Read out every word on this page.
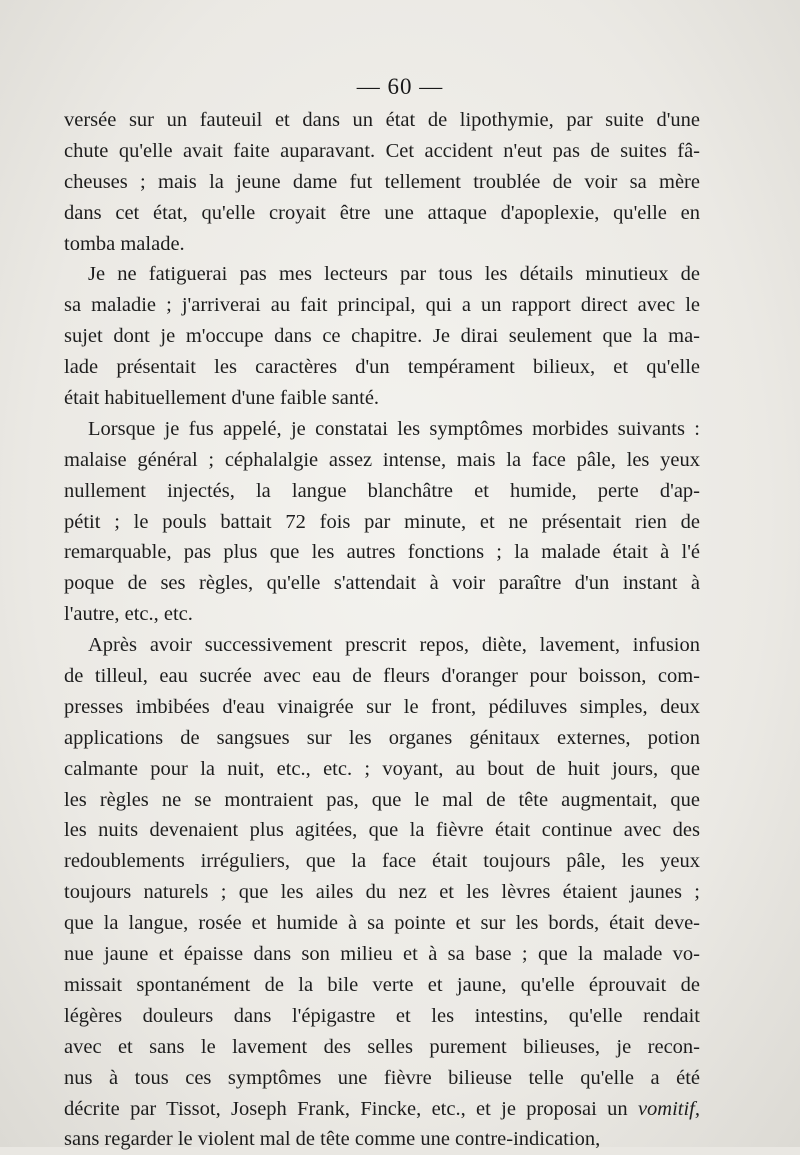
— 60 —
versée sur un fauteuil et dans un état de lipothymie, par suite d'une
chute qu'elle avait faite auparavant. Cet accident n'eut pas de suites fâ-
cheuses ; mais la jeune dame fut tellement troublée de voir sa mère
dans cet état, qu'elle croyait être une attaque d'apoplexie, qu'elle en
tomba malade.
Je ne fatiguerai pas mes lecteurs par tous les détails minutieux de
sa maladie ; j'arriverai au fait principal, qui a un rapport direct avec le
sujet dont je m'occupe dans ce chapitre. Je dirai seulement que la ma-
lade présentait les caractères d'un tempérament bilieux, et qu'elle
était habituellement d'une faible santé.
Lorsque je fus appelé, je constatai les symptômes morbides suivants :
malaise général ; céphalalgie assez intense, mais la face pâle, les yeux
nullement injectés, la langue blanchâtre et humide, perte d'ap-
pétit ; le pouls battait 72 fois par minute, et ne présentait rien de
remarquable, pas plus que les autres fonctions ; la malade était à l'é
poque de ses règles, qu'elle s'attendait à voir paraître d'un instant à
l'autre, etc., etc.
Après avoir successivement prescrit repos, diète, lavement, infusion
de tilleul, eau sucrée avec eau de fleurs d'oranger pour boisson, com-
presses imbibées d'eau vinaigrée sur le front, pédiluves simples, deux
applications de sangsues sur les organes génitaux externes, potion
calmante pour la nuit, etc., etc. ; voyant, au bout de huit jours, que
les règles ne se montraient pas, que le mal de tête augmentait, que
les nuits devenaient plus agitées, que la fièvre était continue avec des
redoublements irréguliers, que la face était toujours pâle, les yeux
toujours naturels ; que les ailes du nez et les lèvres étaient jaunes ;
que la langue, rosée et humide à sa pointe et sur les bords, était deve-
nue jaune et épaisse dans son milieu et à sa base ; que la malade vo-
missait spontanément de la bile verte et jaune, qu'elle éprouvait de
légères douleurs dans l'épigastre et les intestins, qu'elle rendait
avec et sans le lavement des selles purement bilieuses, je recon-
nus à tous ces symptômes une fièvre bilieuse telle qu'elle a été
décrite par Tissot, Joseph Frank, Fincke, etc., et je proposai un vomitif,
sans regarder le violent mal de tête comme une contre-indication,
